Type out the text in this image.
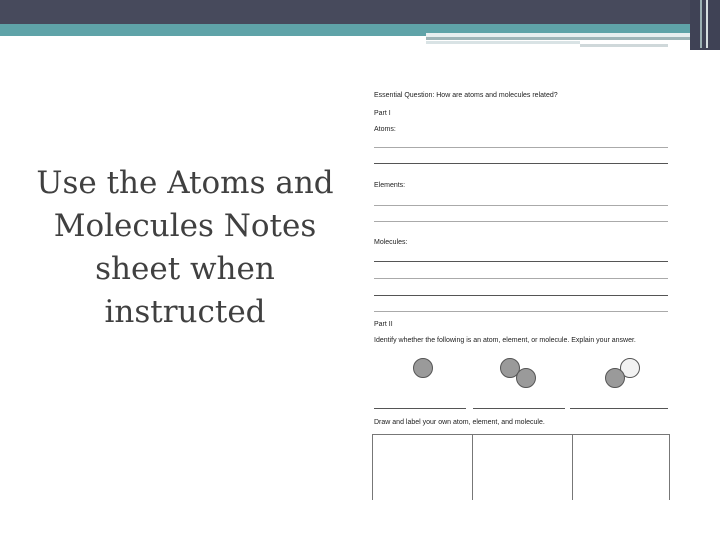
Use the Atoms and
Molecules Notes
sheet when
instructed

Essential Question: How are atoms and molecules related?
Part I
Atoms:
Elements:
Molecules:
Part II
Identify whether the following is an atom, element, or molecule. Explain your answer.
Draw and label your own atom, element, and molecule.
